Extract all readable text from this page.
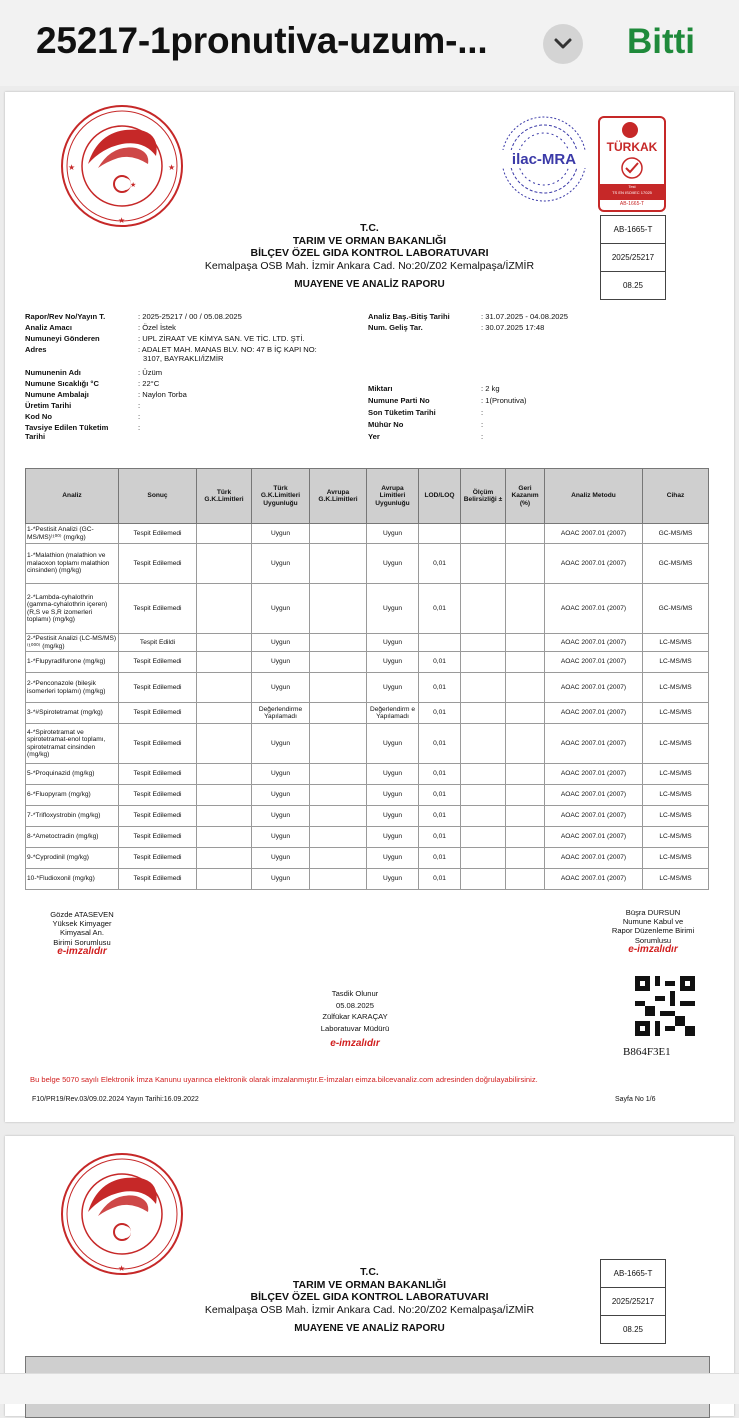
25217-1pronutiva-uzum-...	Bitti
★
★	★
★
ilac-MRA
TÜRKAK
Test
TS EN ISO/IEC 17025
AB-1665-T
AB-1665-T
2025/25217
08.25
T.C.
TARIM VE ORMAN BAKANLIĞI
BİLÇEV ÖZEL GIDA KONTROL LABORATUVARI
Kemalpaşa OSB Mah. İzmir Ankara Cad. No:20/Z02 Kemalpaşa/İZMİR
MUAYENE VE ANALİZ RAPORU
Rapor/Rev No/Yayın T.	: 2025-25217 / 00 / 05.08.2025
Analiz Amacı	: Özel İstek
Numuneyi Gönderen	: UPL ZİRAAT VE KİMYA SAN. VE TİC. LTD. ŞTİ.
Adres	: ADALET MAH. MANAS BLV. NO: 47 B İÇ KAPI NO:
3107, BAYRAKLI/İZMİR
Numunenin Adı	: Üzüm
Numune Sıcaklığı °C	: 22°C
Numune Ambalajı	: Naylon Torba
Üretim Tarihi	:
Kod No	:
Tavsiye Edilen Tüketim	:
Tarihi
Analiz Baş.-Bitiş Tarihi	: 31.07.2025 - 04.08.2025
Num. Geliş Tar.	: 30.07.2025 17:48
Miktarı	: 2 kg
Numune Parti No	: 1(Pronutiva)
Son Tüketim Tarihi	:
Mühür No	:
Yer	:
Analiz	Sonuç	Türk G.K.Limitleri	Türk G.K.Limitleri Uygunluğu	Avrupa G.K.Limitleri	Avrupa Limitleri Uygunluğu	LOD/LOQ	Ölçüm Belirsizliği ±	Geri Kazanım (%)	Analiz Metodu	Cihaz
1-*Pestisit Analizi (GC-MS/MS)⁽¹⁰⁰⁾ (mg/kg)	Tespit Edilemedi		Uygun		Uygun				AOAC 2007.01 (2007)	GC-MS/MS
1-*Malathion (malathion ve malaoxon toplamı malathion cinsinden) (mg/kg)	Tespit Edilemedi		Uygun		Uygun	0,01			AOAC 2007.01 (2007)	GC-MS/MS
2-*Lambda-cyhalothrin (gamma-cyhalothrin içeren) (R,S ve S,R izomerleri toplamı) (mg/kg)	Tespit Edilemedi		Uygun		Uygun	0,01			AOAC 2007.01 (2007)	GC-MS/MS
2-*Pestisit Analizi (LC-MS/MS)⁽¹⁰⁰⁰⁾ (mg/kg)	Tespit Edildi		Uygun		Uygun				AOAC 2007.01 (2007)	LC-MS/MS
1-*Flupyradifurone (mg/kg)	Tespit Edilemedi		Uygun		Uygun	0,01			AOAC 2007.01 (2007)	LC-MS/MS
2-*Penconazole (bileşik isomerleri toplamı) (mg/kg)	Tespit Edilemedi		Uygun		Uygun	0,01			AOAC 2007.01 (2007)	LC-MS/MS
3-*#Spirotetramat (mg/kg)	Tespit Edilemedi		Değerlendirme Yapılamadı		Değerlendirm e Yapılamadı	0,01			AOAC 2007.01 (2007)	LC-MS/MS
4-*Spirotetramat ve spirotetramat-enol toplamı, spirotetramat cinsinden (mg/kg)	Tespit Edilemedi		Uygun		Uygun	0,01			AOAC 2007.01 (2007)	LC-MS/MS
5-*Proquinazid (mg/kg)	Tespit Edilemedi		Uygun		Uygun	0,01			AOAC 2007.01 (2007)	LC-MS/MS
6-*Fluopyram (mg/kg)	Tespit Edilemedi		Uygun		Uygun	0,01			AOAC 2007.01 (2007)	LC-MS/MS
7-*Trifloxystrobin (mg/kg)	Tespit Edilemedi		Uygun		Uygun	0,01			AOAC 2007.01 (2007)	LC-MS/MS
8-*Ametoctradin (mg/kg)	Tespit Edilemedi		Uygun		Uygun	0,01			AOAC 2007.01 (2007)	LC-MS/MS
9-*Cyprodinil (mg/kg)	Tespit Edilemedi		Uygun		Uygun	0,01			AOAC 2007.01 (2007)	LC-MS/MS
10-*Fludioxonil (mg/kg)	Tespit Edilemedi		Uygun		Uygun	0,01			AOAC 2007.01 (2007)	LC-MS/MS
Gözde ATASEVEN
Yüksek Kimyager
Kimyasal An.
Birimi Sorumlusu
e-imzalıdır
Büşra DURSUN
Numune Kabul ve
Rapor Düzenleme Birimi
Sorumlusu
e-imzalıdır
Tasdik Olunur
05.08.2025
Zülfükar KARAÇAY
Laboratuvar Müdürü
e-imzalıdır
B864F3E1
Bu belge 5070 sayılı Elektronik İmza Kanunu uyarınca elektronik olarak imzalanmıştır.E-İmzaları eimza.bilcevanaliz.com adresinden doğrulayabilirsiniz.
F10/PR19/Rev.03/09.02.2024 Yayın Tarihi:16.09.2022	Sayfa No 1/6
★
AB-1665-T
2025/25217
08.25
T.C.
TARIM VE ORMAN BAKANLIĞI
BİLÇEV ÖZEL GIDA KONTROL LABORATUVARI
Kemalpaşa OSB Mah. İzmir Ankara Cad. No:20/Z02 Kemalpaşa/İZMİR
MUAYENE VE ANALİZ RAPORU
